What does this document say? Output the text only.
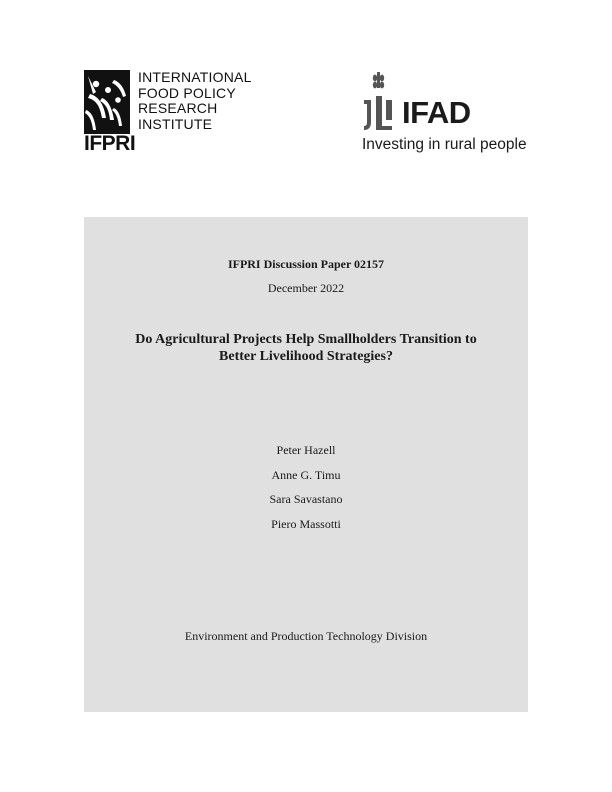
IFPRI
INTERNATIONAL
FOOD POLICY
RESEARCH
INSTITUTE	IFAD
Investing in rural people
IFPRI Discussion Paper 02157
December 2022
Do Agricultural Projects Help Smallholders Transition to
Better Livelihood Strategies?
Peter Hazell
Anne G. Timu
Sara Savastano
Piero Massotti
Environment and Production Technology Division
